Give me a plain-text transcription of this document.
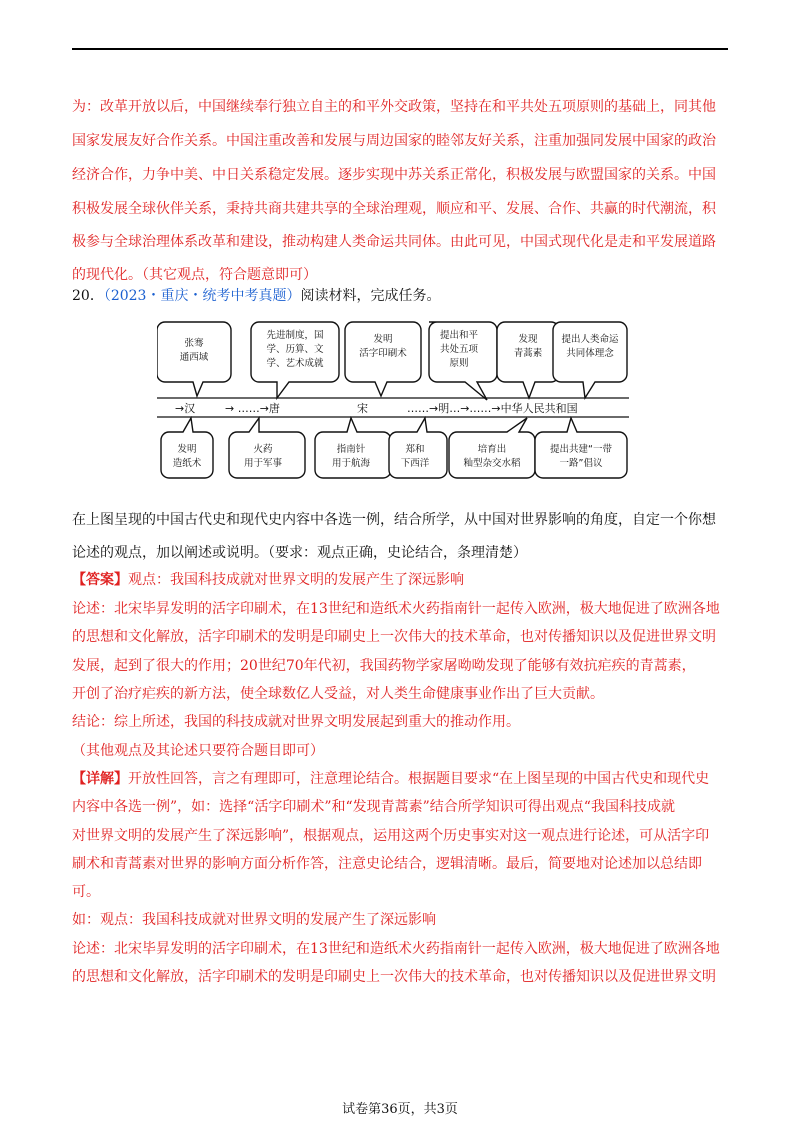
为：改革开放以后，中国继续奉行独立自主的和平外交政策，坚持在和平共处五项原则的基础上，同其他
国家发展友好合作关系。中国注重改善和发展与周边国家的睦邻友好关系，注重加强同发展中国家的政治
经济合作，力争中美、中日关系稳定发展。逐步实现中苏关系正常化，积极发展与欧盟国家的关系。中国
积极发展全球伙伴关系，秉持共商共建共享的全球治理观，顺应和平、发展、合作、共赢的时代潮流，积
极参与全球治理体系改革和建设，推动构建人类命运共同体。由此可见，中国式现代化是走和平发展道路
的现代化。（其它观点，符合题意即可）
20．（2023・重庆・统考中考真题）阅读材料，完成任务。
→汉	→ ……→唐	宋	……→明…→……→中华人民共和国
张骞
通西域
先进制度，国
学、历算、文
学、艺术成就
发明
活字印刷术
提出和平
共处五项
原则
发现
青蒿素
提出人类命运
共同体理念
发明
造纸术
火药
用于军事
指南针
用于航海
郑和
下西洋
培育出
籼型杂交水稻
提出共建“一带
一路”倡议
在上图呈现的中国古代史和现代史内容中各选一例，结合所学，从中国对世界影响的角度，自定一个你想
论述的观点，加以阐述或说明。（要求：观点正确，史论结合，条理清楚）
【答案】观点：我国科技成就对世界文明的发展产生了深远影响
论述：北宋毕昇发明的活字印刷术，在13世纪和造纸术火药指南针一起传入欧洲，极大地促进了欧洲各地
的思想和文化解放，活字印刷术的发明是印刷史上一次伟大的技术革命，也对传播知识以及促进世界文明
发展，起到了很大的作用；20世纪70年代初，我国药物学家屠呦呦发现了能够有效抗疟疾的青蒿素，
开创了治疗疟疾的新方法，使全球数亿人受益，对人类生命健康事业作出了巨大贡献。
结论：综上所述，我国的科技成就对世界文明发展起到重大的推动作用。
（其他观点及其论述只要符合题目即可）
【详解】开放性回答，言之有理即可，注意理论结合。根据题目要求“在上图呈现的中国古代史和现代史
内容中各选一例”，如：选择“活字印刷术”和“发现青蒿素”结合所学知识可得出观点“我国科技成就
对世界文明的发展产生了深远影响”，根据观点，运用这两个历史事实对这一观点进行论述，可从活字印
刷术和青蒿素对世界的影响方面分析作答，注意史论结合，逻辑清晰。最后，简要地对论述加以总结即
可。
如：观点：我国科技成就对世界文明的发展产生了深远影响
论述：北宋毕昇发明的活字印刷术，在13世纪和造纸术火药指南针一起传入欧洲，极大地促进了欧洲各地
的思想和文化解放，活字印刷术的发明是印刷史上一次伟大的技术革命，也对传播知识以及促进世界文明
试卷第36页，共3页
